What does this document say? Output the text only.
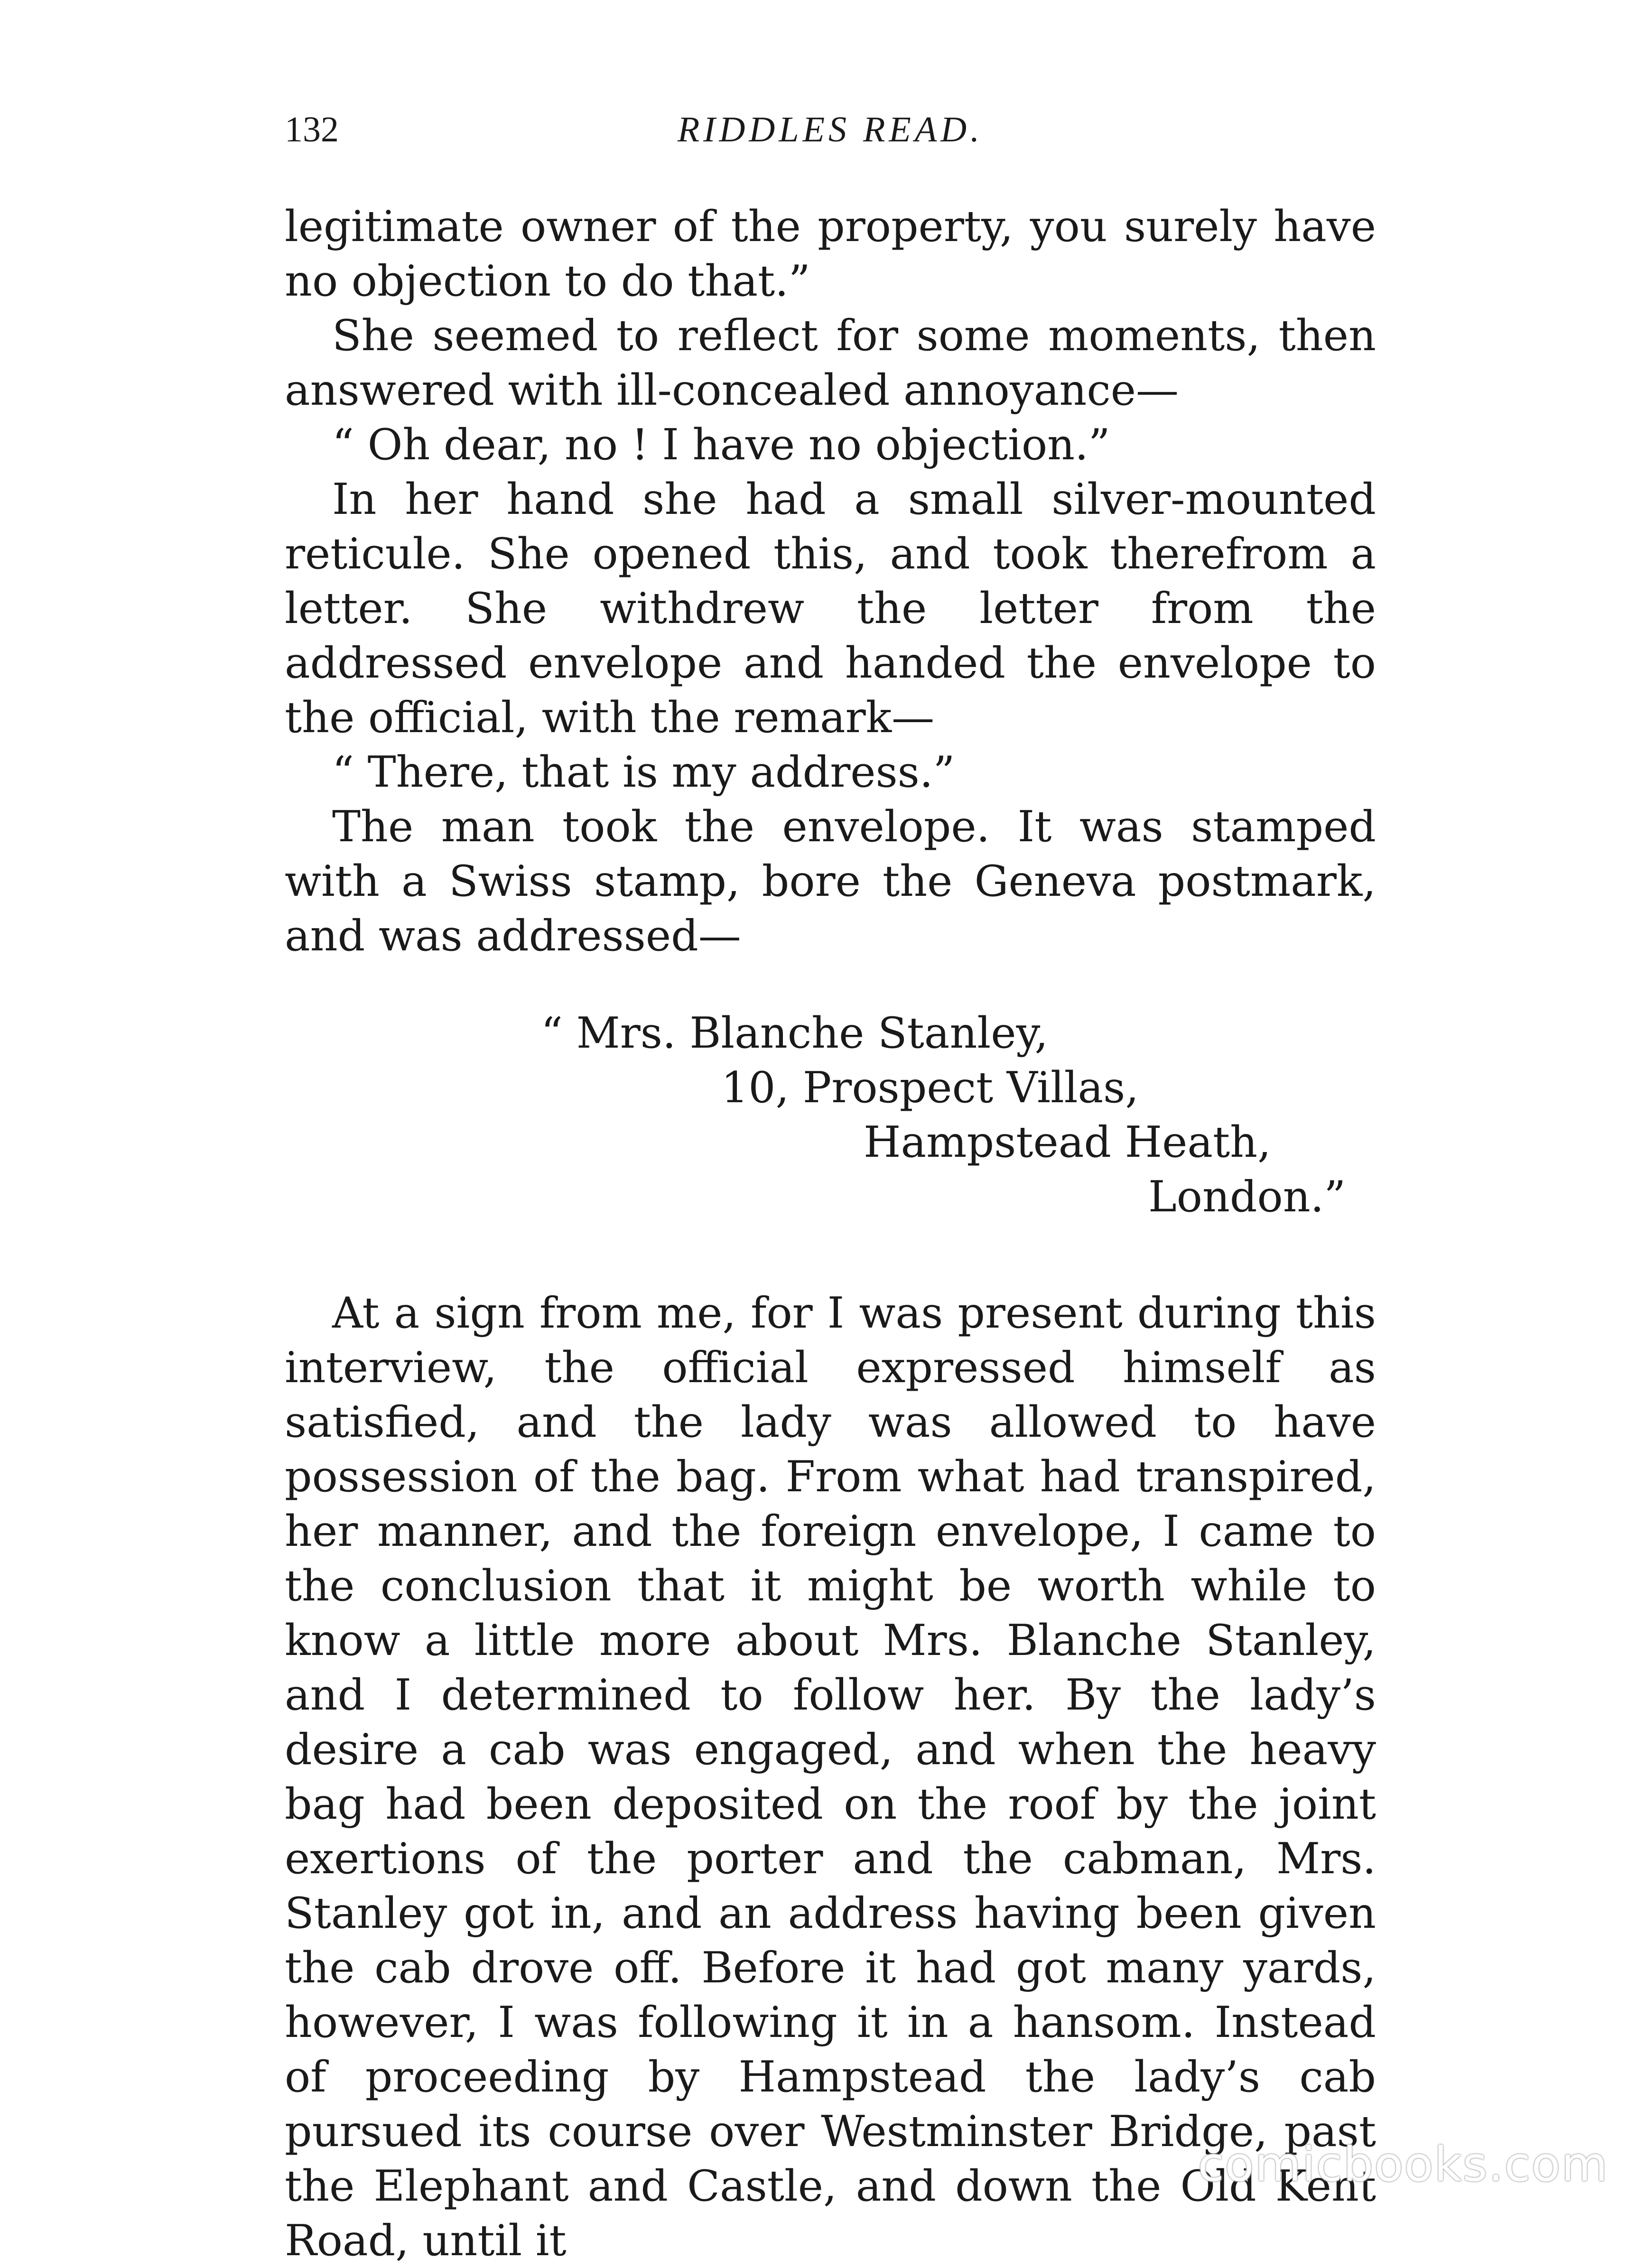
132	RIDDLES READ.

legitimate owner of the property, you surely have no objection to do that.”

She seemed to reflect for some moments, then answered with ill-concealed annoyance—

“ Oh dear, no ! I have no objection.”

In her hand she had a small silver-mounted reticule. She opened this, and took therefrom a letter. She withdrew the letter from the addressed envelope and handed the envelope to the official, with the remark—

“ There, that is my address.”

The man took the envelope. It was stamped with a Swiss stamp, bore the Geneva postmark, and was addressed—

“ Mrs. Blanche Stanley,
10, Prospect Villas,
Hampstead Heath,
London.”

At a sign from me, for I was present during this interview, the official expressed himself as satisfied, and the lady was allowed to have possession of the bag. From what had transpired, her manner, and the foreign envelope, I came to the conclusion that it might be worth while to know a little more about Mrs. Blanche Stanley, and I determined to follow her. By the lady’s desire a cab was engaged, and when the heavy bag had been deposited on the roof by the joint exertions of the porter and the cabman, Mrs. Stanley got in, and an address having been given the cab drove off. Before it had got many yards, however, I was following it in a hansom. Instead of proceeding by Hampstead the lady’s cab pursued its course over Westminster Bridge, past the Elephant and Castle, and down the Old Kent Road, until it

comicbooks.com
